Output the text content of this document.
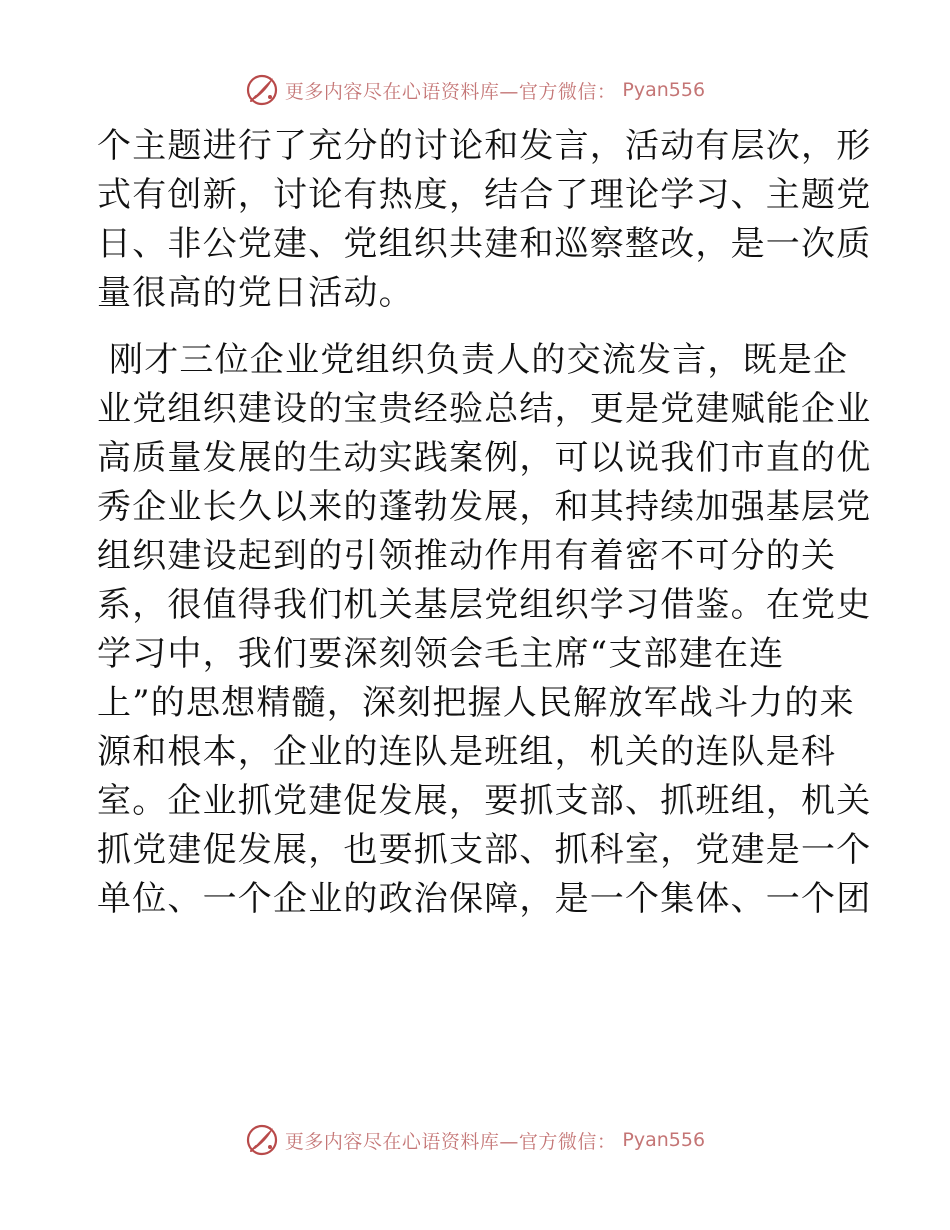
更多内容尽在心语资料库—官方微信： Pyan556

个主题进行了充分的讨论和发言，活动有层次，形
式有创新，讨论有热度，结合了理论学习、主题党
日、非公党建、党组织共建和巡察整改，是一次质
量很高的党日活动。

刚才三位企业党组织负责人的交流发言，既是企
业党组织建设的宝贵经验总结，更是党建赋能企业
高质量发展的生动实践案例，可以说我们市直的优
秀企业长久以来的蓬勃发展，和其持续加强基层党
组织建设起到的引领推动作用有着密不可分的关
系，很值得我们机关基层党组织学习借鉴。在党史
学习中，我们要深刻领会毛主席“支部建在连
上”的思想精髓，深刻把握人民解放军战斗力的来
源和根本，企业的连队是班组，机关的连队是科
室。企业抓党建促发展，要抓支部、抓班组，机关
抓党建促发展，也要抓支部、抓科室，党建是一个
单位、一个企业的政治保障，是一个集体、一个团

更多内容尽在心语资料库—官方微信： Pyan556
